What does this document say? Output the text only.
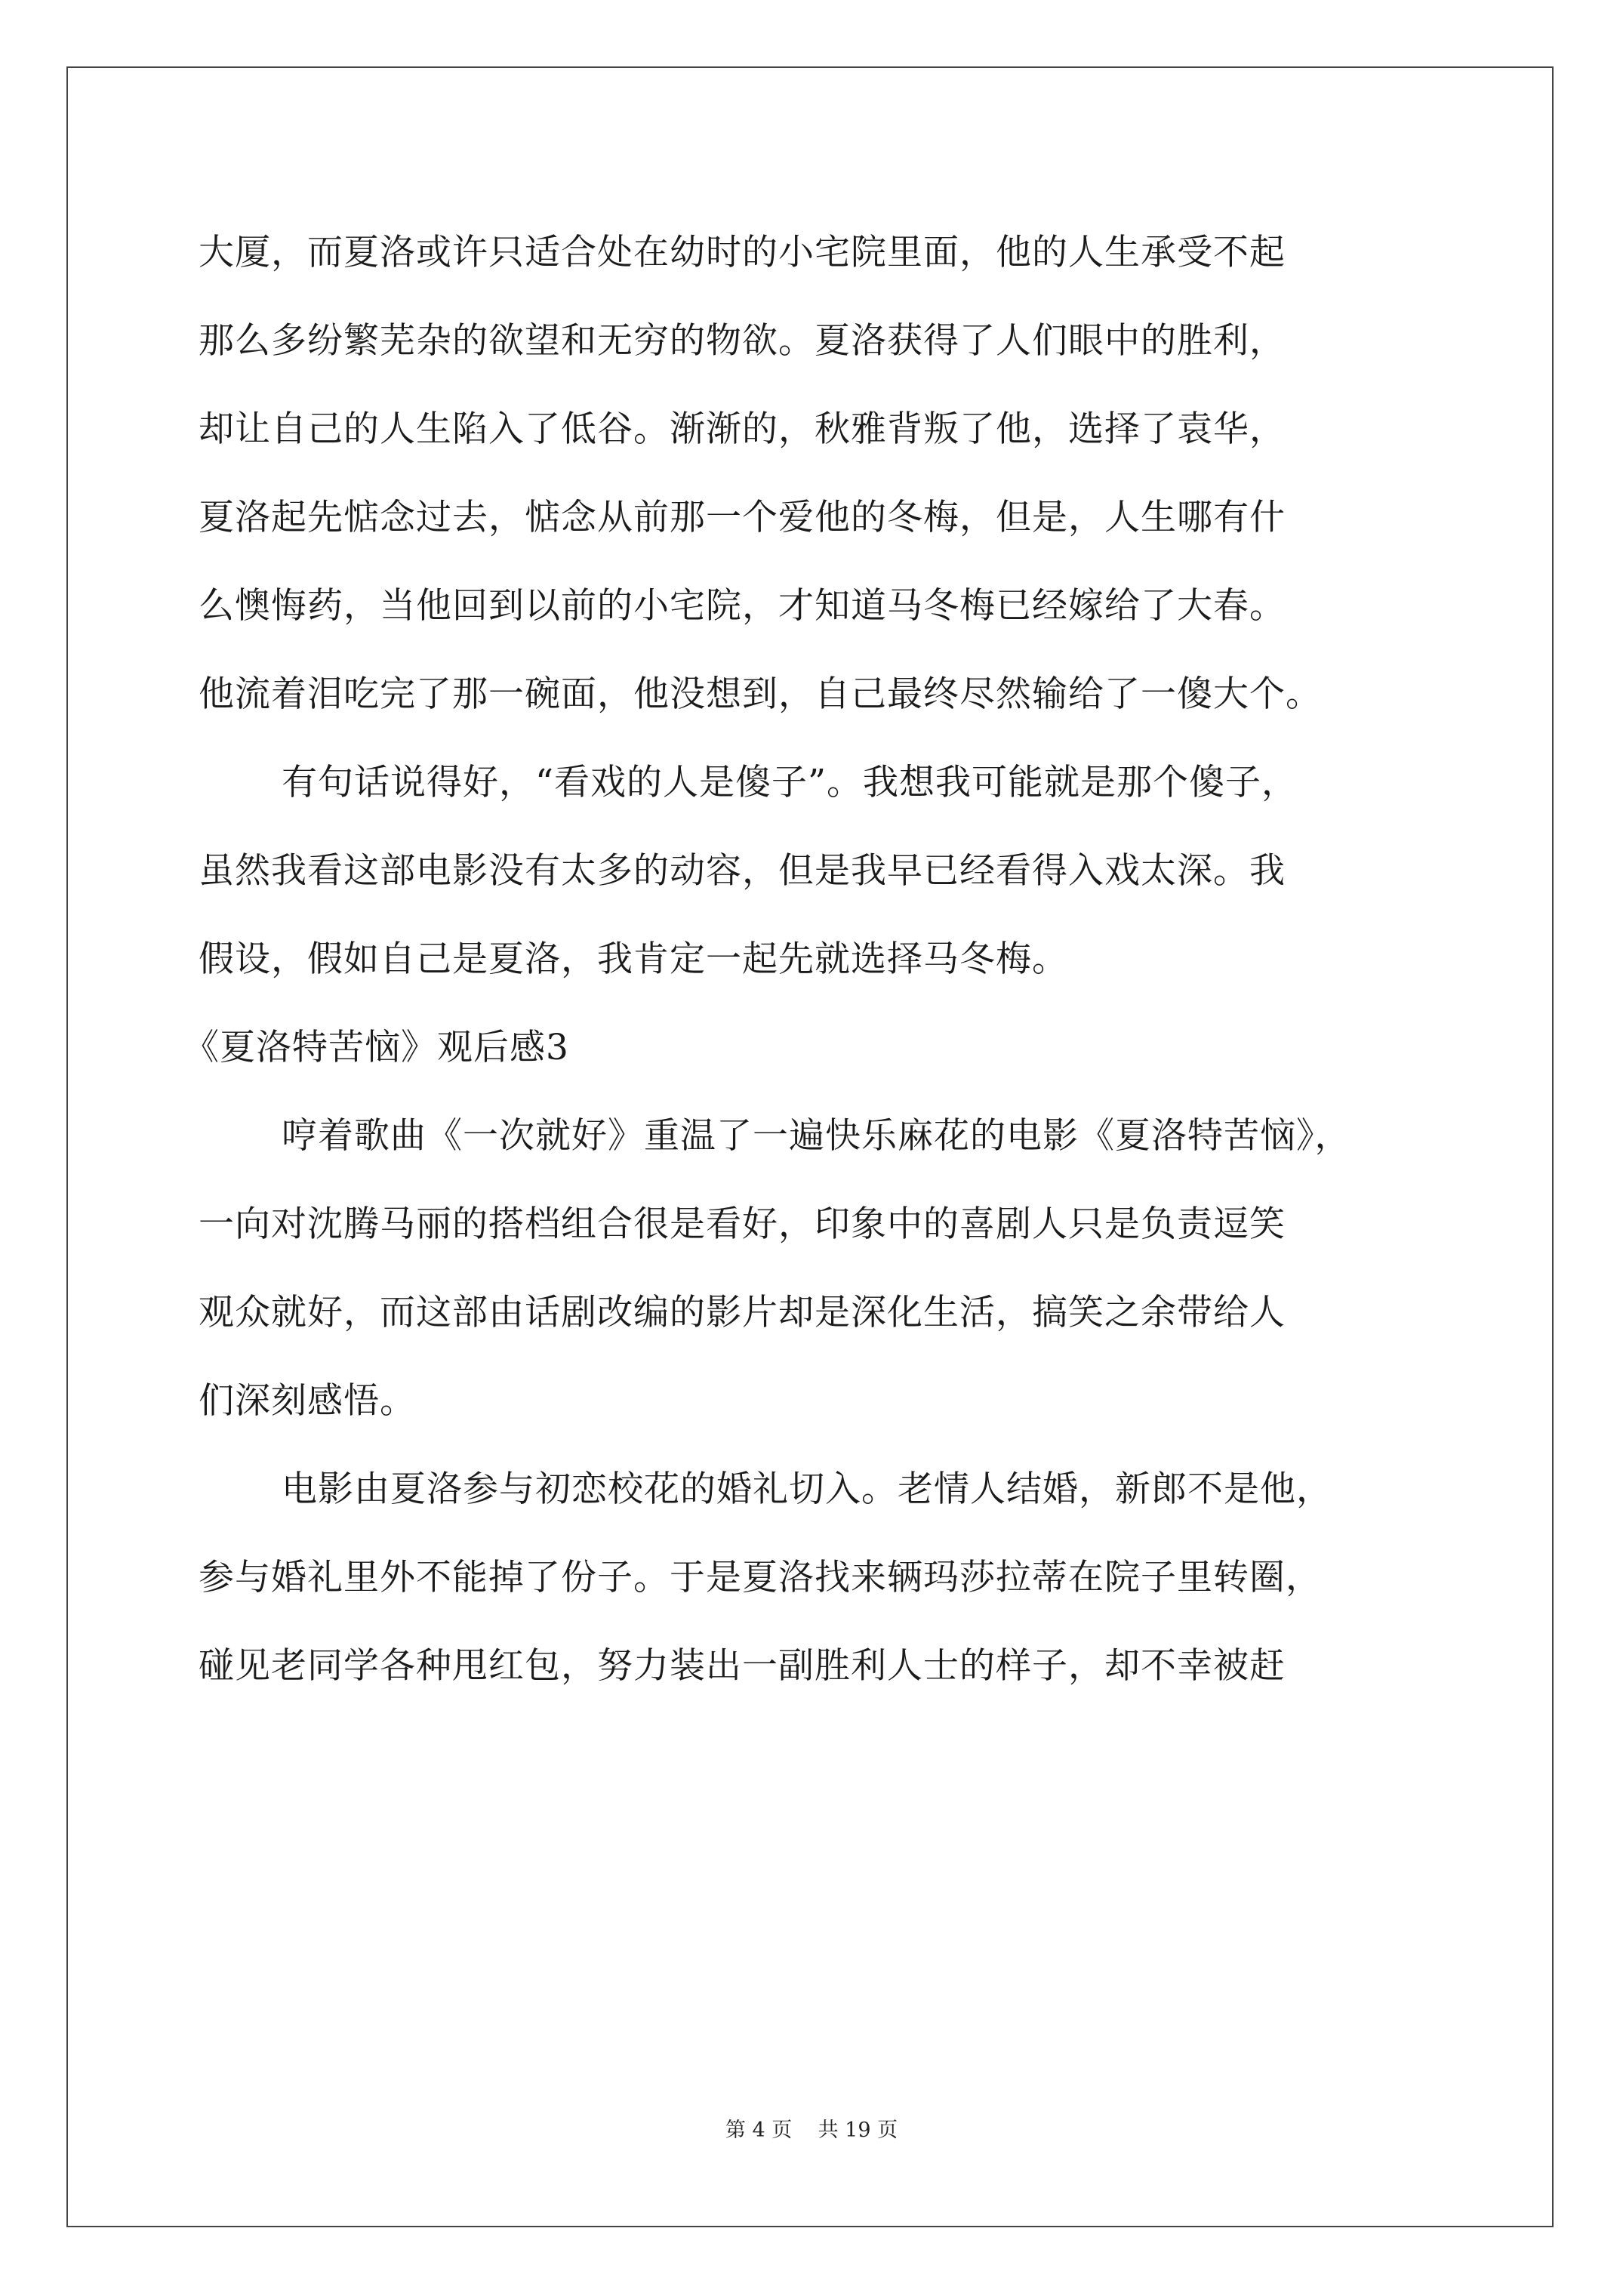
大厦，而夏洛或许只适合处在幼时的小宅院里面，他的人生承受不起
那么多纷繁芜杂的欲望和无穷的物欲。夏洛获得了人们眼中的胜利，
却让自己的人生陷入了低谷。渐渐的，秋雅背叛了他，选择了袁华，
夏洛起先惦念过去，惦念从前那一个爱他的冬梅，但是，人生哪有什
么懊悔药，当他回到以前的小宅院，才知道马冬梅已经嫁给了大春。
他流着泪吃完了那一碗面，他没想到，自己最终尽然输给了一傻大个。
有句话说得好，“看戏的人是傻子”。我想我可能就是那个傻子，
虽然我看这部电影没有太多的动容，但是我早已经看得入戏太深。我
假设，假如自己是夏洛，我肯定一起先就选择马冬梅。
《夏洛特苦恼》观后感3
哼着歌曲《一次就好》重温了一遍快乐麻花的电影《夏洛特苦恼》，
一向对沈腾马丽的搭档组合很是看好，印象中的喜剧人只是负责逗笑
观众就好，而这部由话剧改编的影片却是深化生活，搞笑之余带给人
们深刻感悟。
电影由夏洛参与初恋校花的婚礼切入。老情人结婚，新郎不是他，
参与婚礼里外不能掉了份子。于是夏洛找来辆玛莎拉蒂在院子里转圈，
碰见老同学各种甩红包，努力装出一副胜利人士的样子，却不幸被赶
第 4 页 共 19 页
